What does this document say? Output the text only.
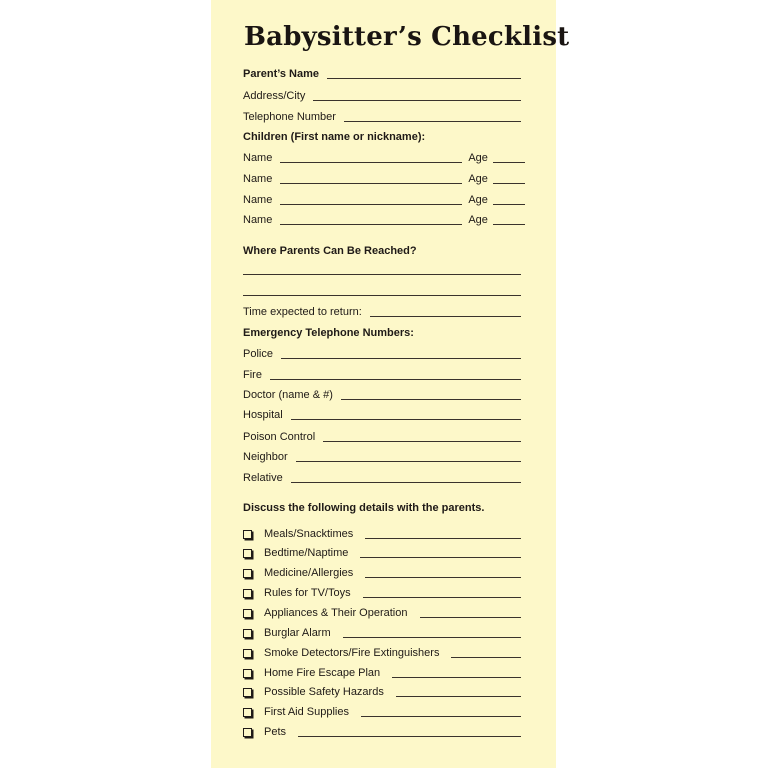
Babysitter’s Checklist
Parent’s Name
Address/City
Telephone Number
Children (First name or nickname):
Name	Age
Name	Age
Name	Age
Name	Age
Where Parents Can Be Reached?
Time expected to return:
Emergency Telephone Numbers:
Police
Fire
Doctor (name & #)
Hospital
Poison Control
Neighbor
Relative
Discuss the following details with the parents.
Meals/Snacktimes
Bedtime/Naptime
Medicine/Allergies
Rules for TV/Toys
Appliances & Their Operation
Burglar Alarm
Smoke Detectors/Fire Extinguishers
Home Fire Escape Plan
Possible Safety Hazards
First Aid Supplies
Pets
